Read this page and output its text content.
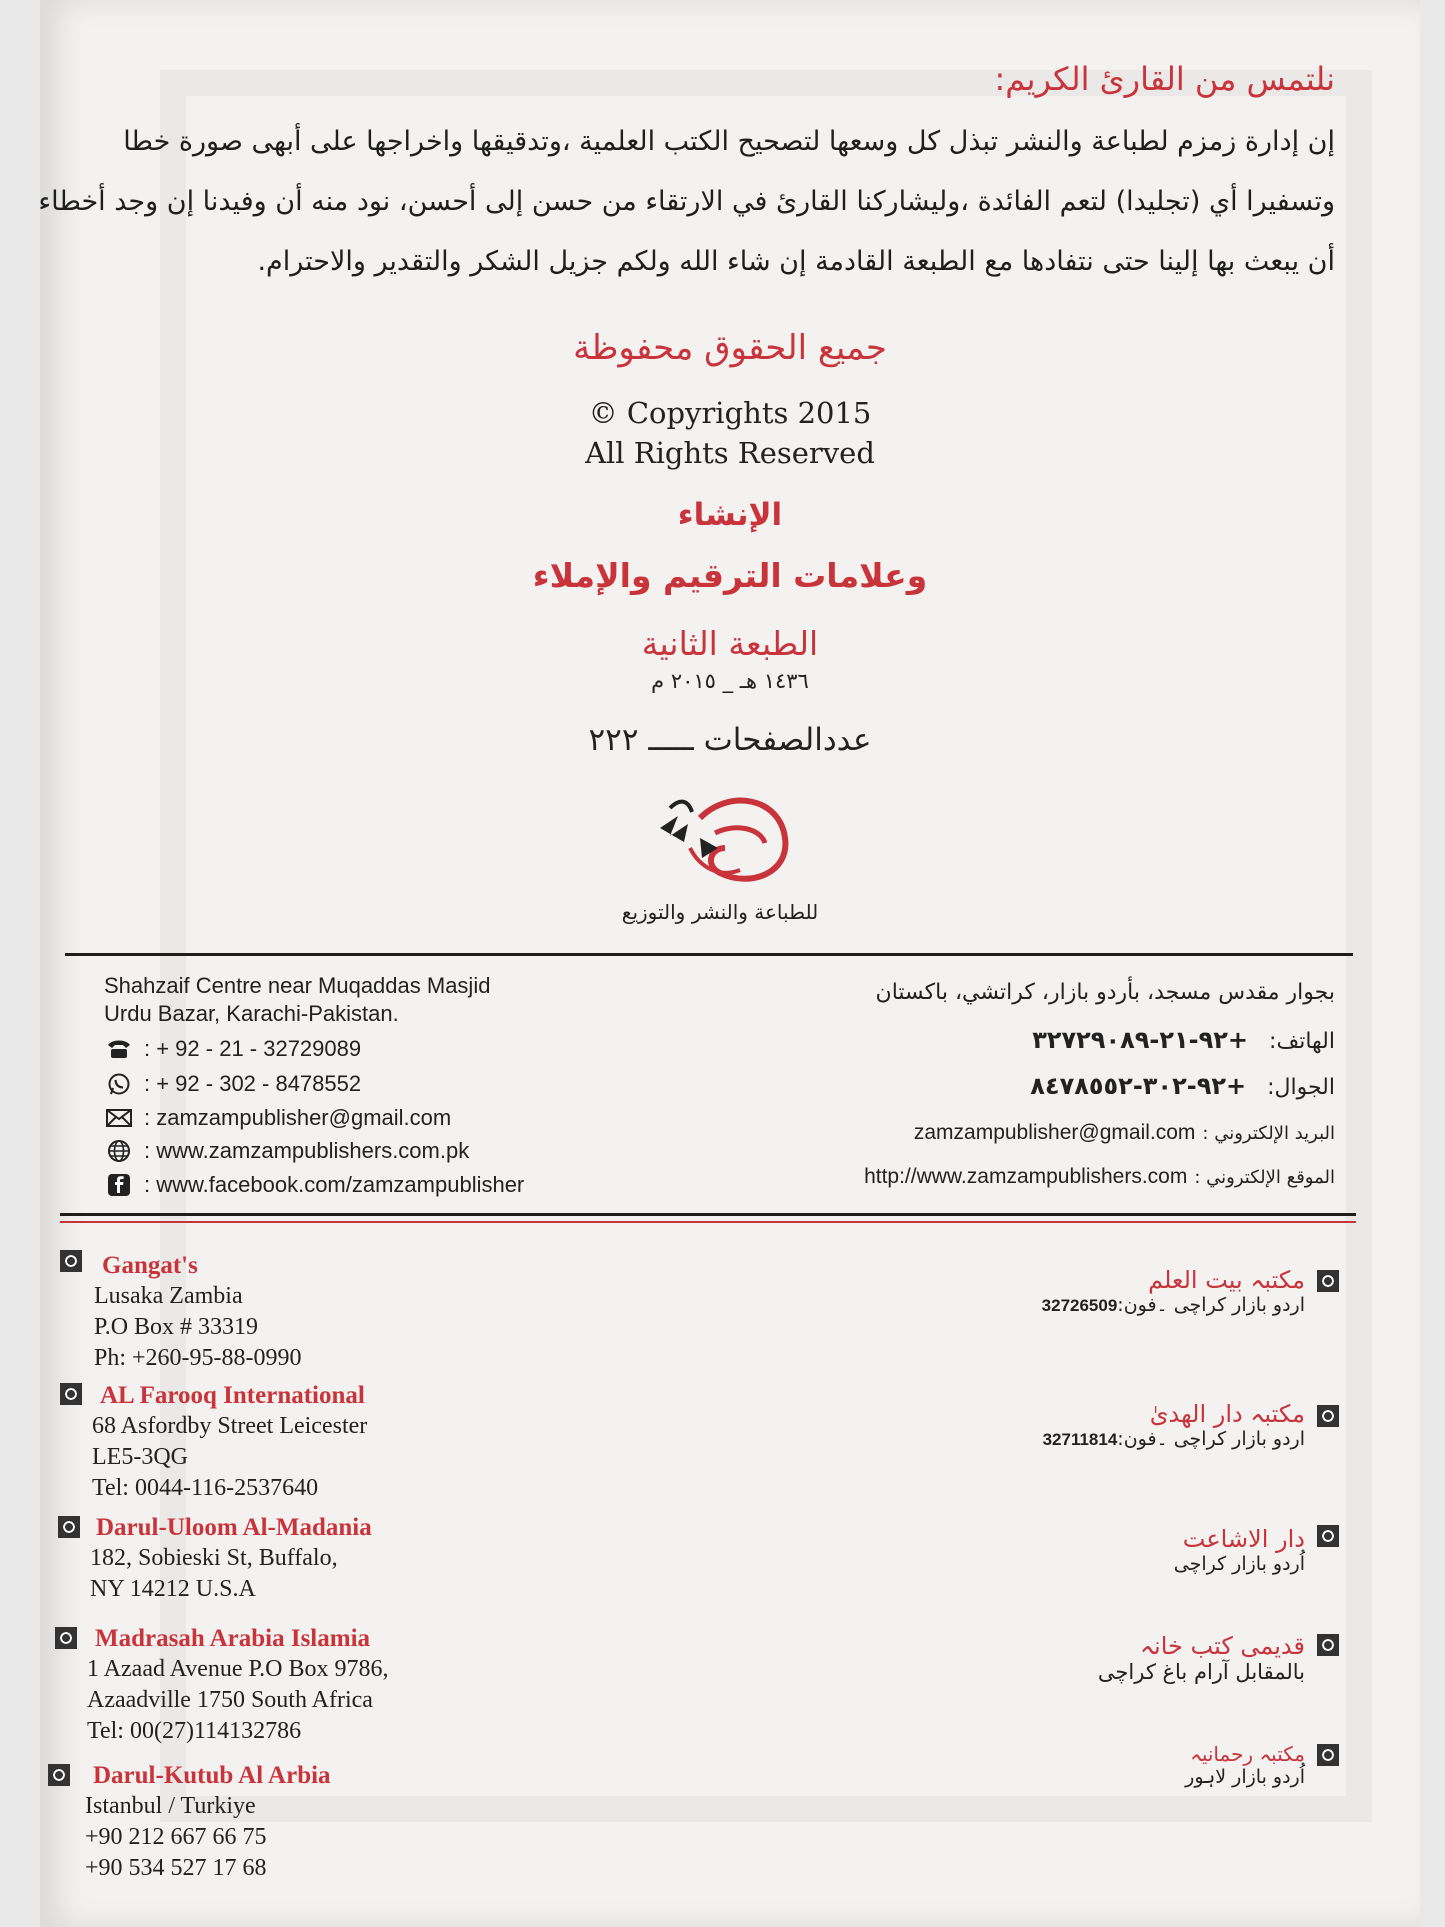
نلتمس من القارئ الكريم:

إن إدارة زمزم لطباعة والنشر تبذل كل وسعها لتصحيح الكتب العلمية ،وتدقيقها واخراجها على أبهى صورة خطا

وتسفيرا أي (تجليدا) لتعم الفائدة ،وليشاركنا القارئ في الارتقاء من حسن إلى أحسن، نود منه أن وفيدنا إن وجد أخطاء

أن يبعث بها إلينا حتى نتفادها مع الطبعة القادمة إن شاء الله ولكم جزيل الشكر والتقدير والاحترام.

جميع الحقوق محفوظة
© Copyrights 2015
All Rights Reserved
الإنشاء
وعلامات الترقيم والإملاء
الطبعة الثانية
١٤٣٦ هـ _ ٢٠١٥ م
عددالصفحات ـــــ ٢٢٢
للطباعة والنشر والتوزيع
Shahzaif Centre near Muqaddas Masjid
Urdu Bazar, Karachi-Pakistan.
: + 92 - 21 - 32729089
: + 92 - 302 - 8478552
: zamzampublisher@gmail.com
: www.zamzampublishers.com.pk
: www.facebook.com/zamzampublisher
بجوار مقدس مسجد، بأردو بازار، كراتشي، باكستان
الهاتف: +٩٢-٢١-٣٢٧٢٩٠٨٩
الجوال: +٩٢-٣٠٢-٨٤٧٨٥٥٢
البريد الإلكتروني : zamzampublisher@gmail.com
الموقع الإلكتروني : http://www.zamzampublishers.com
Gangat's
Lusaka Zambia
P.O Box # 33319
Ph: +260-95-88-0990
AL Farooq International
68 Asfordby Street Leicester
LE5-3QG
Tel: 0044-116-2537640
Darul-Uloom Al-Madania
182, Sobieski St, Buffalo,
NY 14212 U.S.A
Madrasah Arabia Islamia
1 Azaad Avenue P.O Box 9786,
Azaadville 1750 South Africa
Tel: 00(27)114132786
Darul-Kutub Al Arbia
Istanbul / Turkiye
+90 212 667 66 75
+90 534 527 17 68
مکتبہ بیت العلم
اردو بازار کراچی ۔فون:32726509
مکتبہ دار الھدیٰ
اردو بازار کراچی ۔فون:32711814
دار الاشاعت
اُردو بازار کراچی
قدیمی کتب خانہ
بالمقابل آرام باغ کراچی
مکتبہ رحمانیہ
اُردو بازار لاہور
